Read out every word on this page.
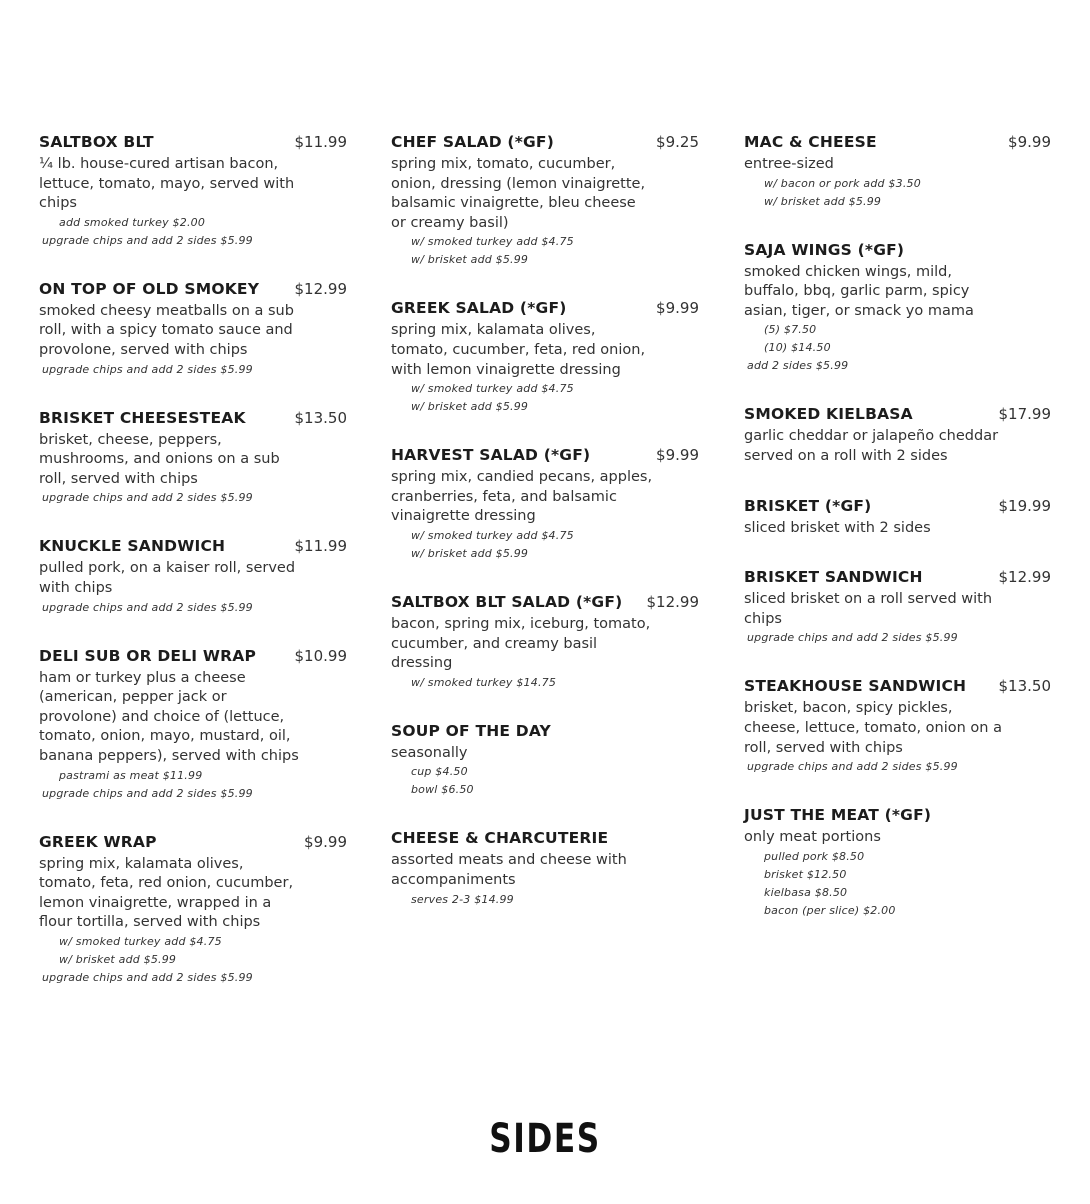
SALTBOX BLT	$11.99
¼ lb. house-cured artisan bacon, lettuce, tomato, mayo, served with chips
add smoked turkey $2.00
upgrade chips and add 2 sides $5.99
ON TOP OF OLD SMOKEY $12.99
smoked cheesy meatballs on a sub roll, with a spicy tomato sauce and provolone, served with chips
upgrade chips and add 2 sides $5.99
BRISKET CHEESESTEAK	$13.50
brisket, cheese, peppers, mushrooms, and onions on a sub roll, served with chips
upgrade chips and add 2 sides $5.99
KNUCKLE SANDWICH	$11.99
pulled pork, on a kaiser roll, served with chips
upgrade chips and add 2 sides $5.99
DELI SUB OR DELI WRAP	$10.99
ham or turkey plus a cheese (american, pepper jack or provolone) and choice of (lettuce, tomato, onion, mayo, mustard, oil, banana peppers), served with chips
pastrami as meat $11.99
upgrade chips and add 2 sides $5.99
GREEK WRAP	$9.99
spring mix, kalamata olives, tomato, feta, red onion, cucumber, lemon vinaigrette, wrapped in a flour tortilla, served with chips
w/ smoked turkey add $4.75
w/ brisket add $5.99
upgrade chips and add 2 sides $5.99
CHEF SALAD (*GF)	$9.25
spring mix, tomato, cucumber, onion, dressing (lemon vinaigrette, balsamic vinaigrette, bleu cheese or creamy basil)
w/ smoked turkey add $4.75
w/ brisket add $5.99
GREEK SALAD (*GF)	$9.99
spring mix, kalamata olives, tomato, cucumber, feta, red onion, with lemon vinaigrette dressing
w/ smoked turkey add $4.75
w/ brisket add $5.99
HARVEST SALAD (*GF)	$9.99
spring mix, candied pecans, apples, cranberries, feta, and balsamic vinaigrette dressing
w/ smoked turkey add $4.75
w/ brisket add $5.99
SALTBOX BLT SALAD (*GF) $12.99
bacon, spring mix, iceburg, tomato, cucumber, and creamy basil dressing
w/ smoked turkey $14.75
SOUP OF THE DAY
seasonally
cup $4.50
bowl $6.50
CHEESE & CHARCUTERIE
assorted meats and cheese with accompaniments
serves 2-3 $14.99
MAC & CHEESE	$9.99
entree-sized
w/ bacon or pork add $3.50
w/ brisket add $5.99
SAJA WINGS (*GF)
smoked chicken wings, mild, buffalo, bbq, garlic parm, spicy asian, tiger, or smack yo mama
(5) $7.50
(10) $14.50
add 2 sides $5.99
SMOKED KIELBASA	$17.99
garlic cheddar or jalapeño cheddar served on a roll with 2 sides
BRISKET (*GF)	$19.99
sliced brisket with 2 sides
BRISKET SANDWICH	$12.99
sliced brisket on a roll served with chips
upgrade chips and add 2 sides $5.99
STEAKHOUSE SANDWICH $13.50
brisket, bacon, spicy pickles, cheese, lettuce, tomato, onion on a roll, served with chips
upgrade chips and add 2 sides $5.99
JUST THE MEAT (*GF)
only meat portions
pulled pork $8.50
brisket $12.50
kielbasa $8.50
bacon (per slice) $2.00
SIDES
